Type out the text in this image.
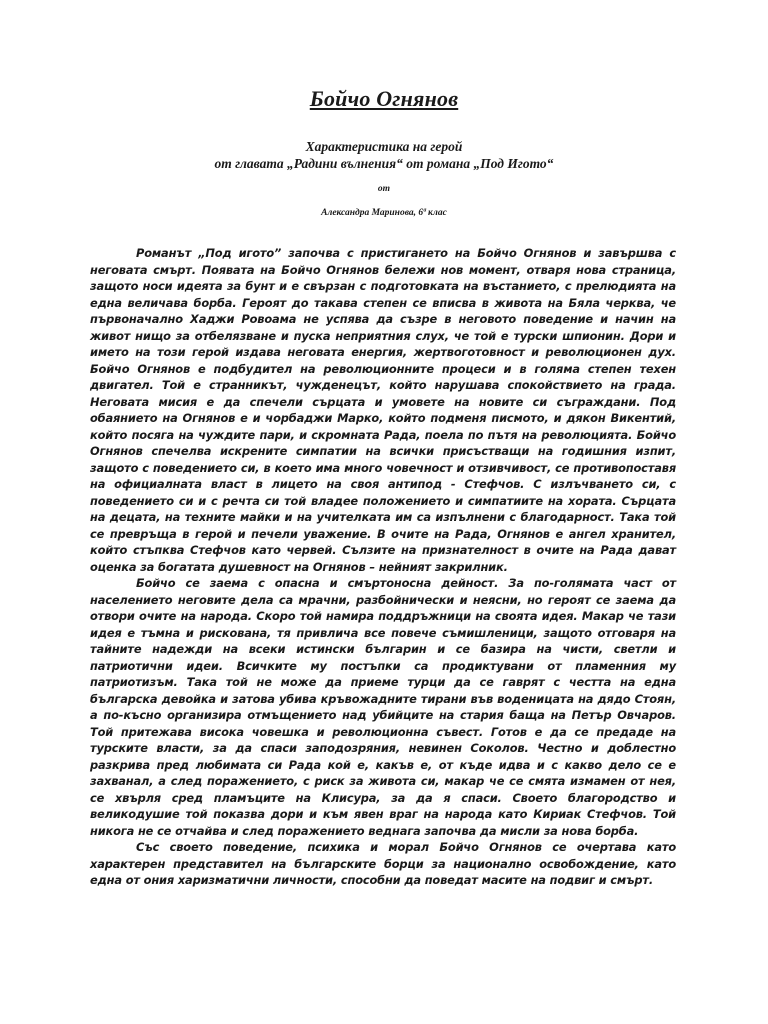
Бойчо Огнянов
Характеристика на герой
от главата „Радини вълнения“ от романа „Под Игото“
от
Александра Маринова, 6ª клас

Романът „Под игото” започва с пристигането на Бойчо Огнянов и завършва с неговата смърт. Появата на Бойчо Огнянов бележи нов момент, отваря нова страница, защото носи идеята за бунт и е свързан с подготовката на въстанието, с прелюдията на една величава борба. Героят до такава степен се вписва в живота на Бяла черква, че първоначално Хаджи Ровоама не успява да съзре в неговото поведение и начин на живот нищо за отбелязване и пуска неприятния слух, че той е турски шпионин. Дори и името на този герой издава неговата енергия, жертвоготовност и революционен дух. Бойчо Огнянов е подбудител на революционните процеси и в голяма степен техен двигател. Той е странникът, чужденецът, който нарушава спокойствието на града. Неговата мисия е да спечели сърцата и умовете на новите си съграждани. Под обаянието на Огнянов е и чорбаджи Марко, който подменя писмото, и дякон Викентий, който посяга на чуждите пари, и скромната Рада, поела по пътя на революцията. Бойчо Огнянов спечелва искрените симпатии на всички присъстващи на годишния изпит, защото с поведението си, в което има много човечност и отзивчивост, се противопоставя на официалната власт в лицето на своя антипод - Стефчов. С излъчването си, с поведението си и с речта си той владее положението и симпатиите на хората. Сърцата на децата, на техните майки и на учителката им са изпълнени с благодарност. Така той се превръща в герой и печели уважение. В очите на Рада, Огнянов е ангел хранител, който стъпква Стефчов като червей. Сълзите на признателност в очите на Рада дават оценка за богатата душевност на Огнянов – нейният закрилник.

Бойчо се заема с опасна и смъртоносна дейност. За по-голямата част от населението неговите дела са мрачни, разбойнически и неясни, но героят се заема да отвори очите на народа. Скоро той намира поддръжници на своята идея. Макар че тази идея е тъмна и рискована, тя привлича все повече съмишленици, защото отговаря на тайните надежди на всеки истински българин и се базира на чисти, светли и патриотични идеи. Всичките му постъпки са продиктувани от пламенния му патриотизъм. Така той не може да приеме турци да се гаврят с честта на една българска девойка и затова убива кръвожадните тирани във воденицата на дядо Стоян, а по-късно организира отмъщението над убийците на стария баща на Петър Овчаров. Той притежава висока човешка и революционна съвест. Готов е да се предаде на турските власти, за да спаси заподозряния, невинен Соколов. Честно и доблестно разкрива пред любимата си Рада кой е, какъв е, от къде идва и с какво дело се е захванал, а след поражението, с риск за живота си, макар че се смята измамен от нея, се хвърля сред пламъците на Клисура, за да я спаси. Своето благородство и великодушие той показва дори и към явен враг на народа като Кириак Стефчов. Той никога не се отчайва и след поражението веднага започва да мисли за нова борба.

Със своето поведение, психика и морал Бойчо Огнянов се очертава като характерен представител на българските борци за национално освобождение, като една от ония харизматични личности, способни да поведат масите на подвиг и смърт.
